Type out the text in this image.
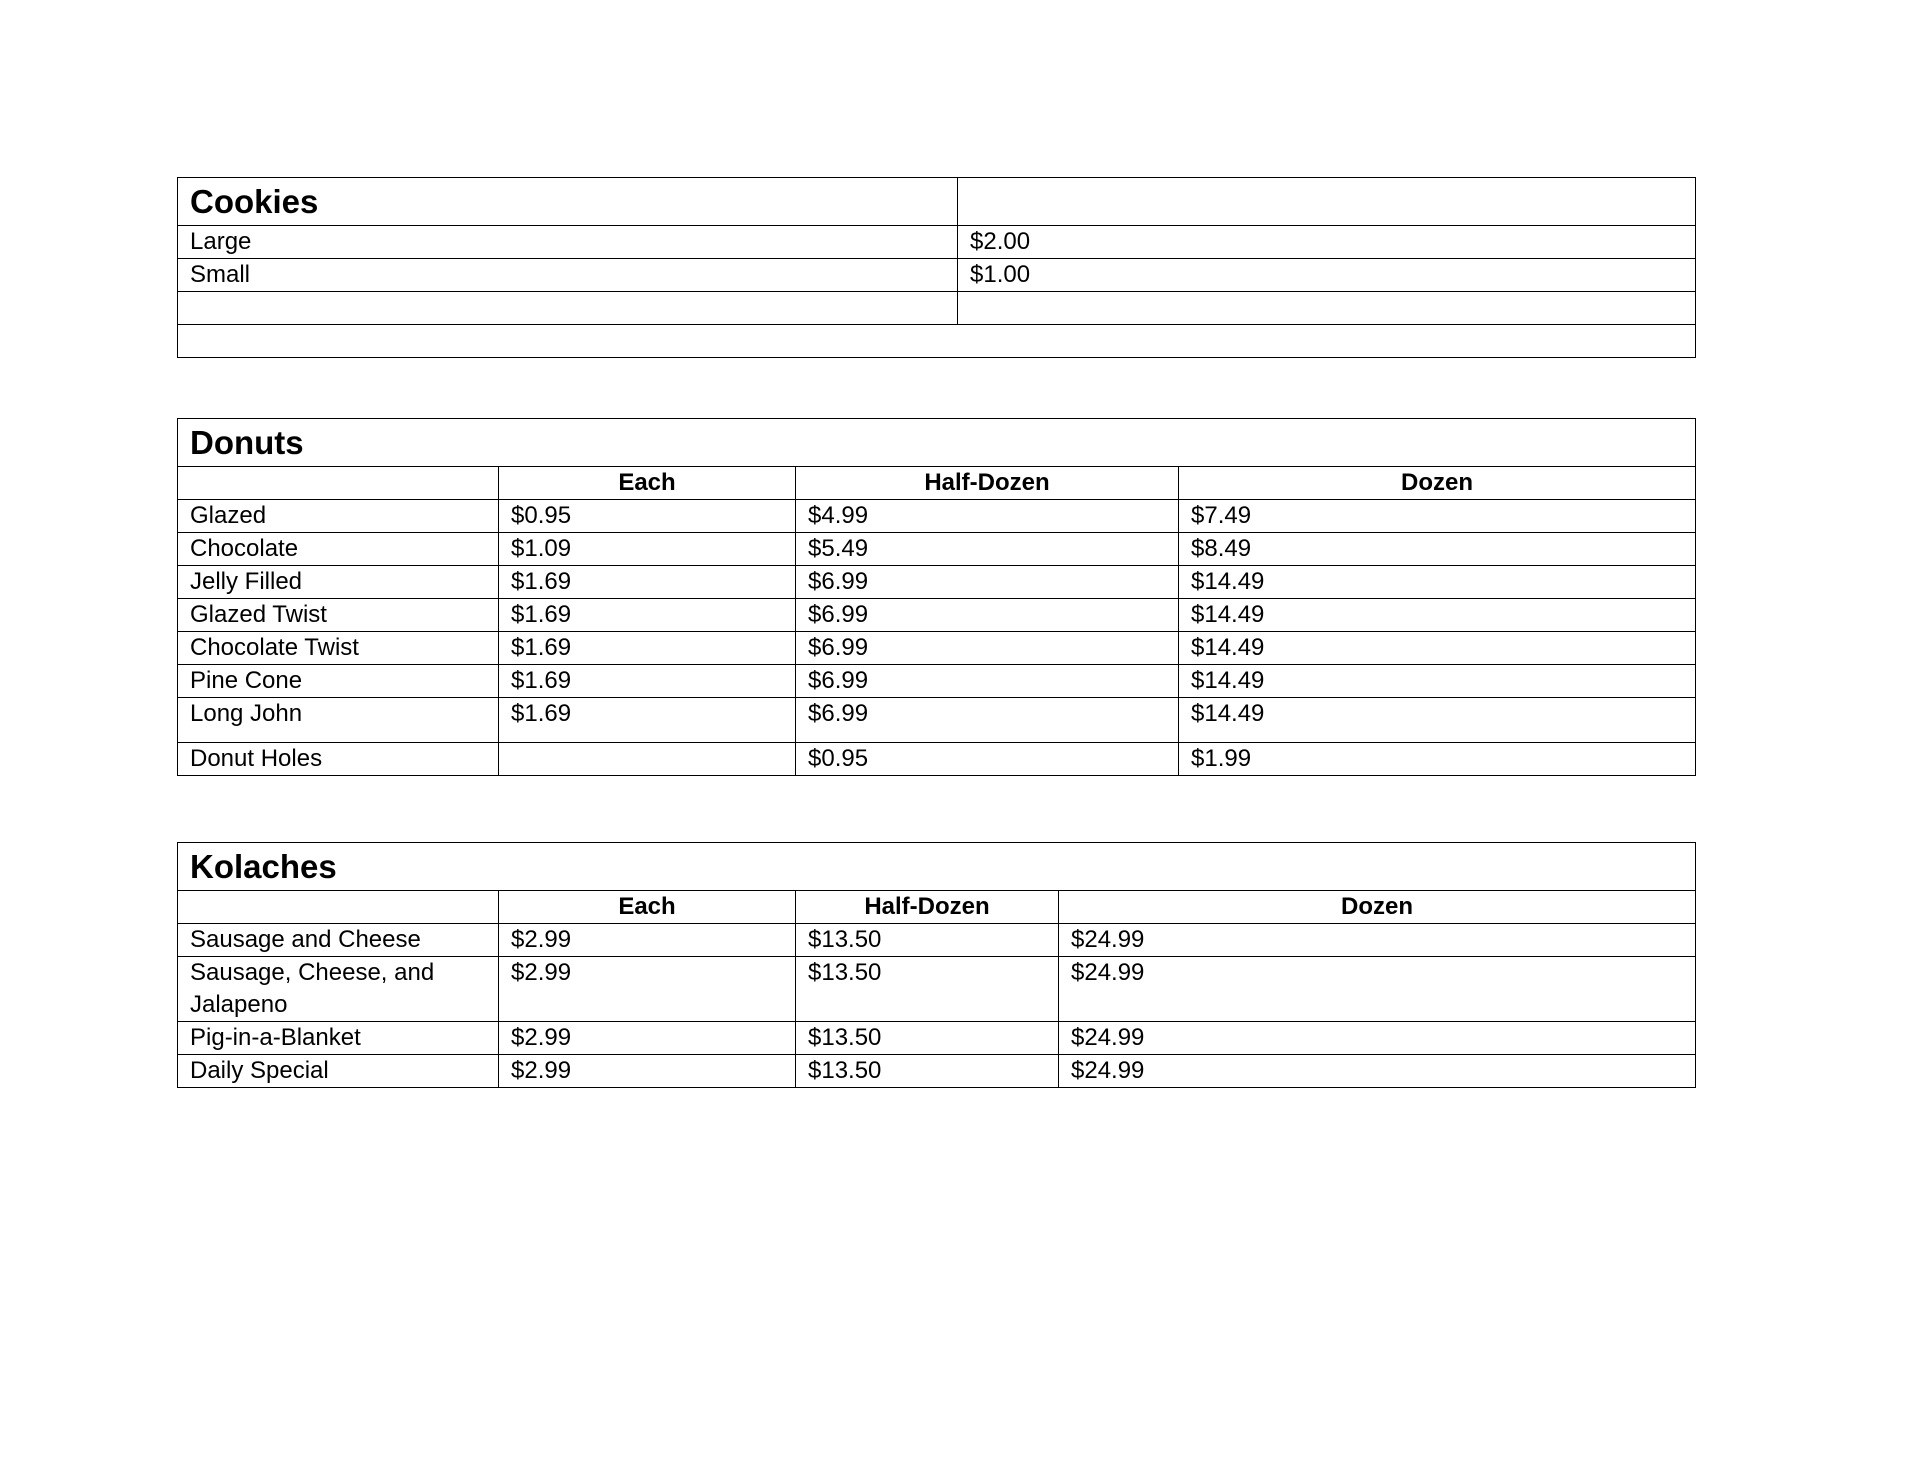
Cookies	
Large	$2.00
Small	$1.00

Donuts			
	Each	Half-Dozen	Dozen
Glazed	$0.95	$4.99	$7.49
Chocolate	$1.09	$5.49	$8.49
Jelly Filled	$1.69	$6.99	$14.49
Glazed Twist	$1.69	$6.99	$14.49
Chocolate Twist	$1.69	$6.99	$14.49
Pine Cone	$1.69	$6.99	$14.49
Long John	$1.69	$6.99	$14.49
Donut Holes		$0.95	$1.99
Kolaches			
	Each	Half-Dozen	Dozen
Sausage and Cheese	$2.99	$13.50	$24.99
Sausage, Cheese, and Jalapeno	$2.99	$13.50	$24.99
Pig-in-a-Blanket	$2.99	$13.50	$24.99
Daily Special	$2.99	$13.50	$24.99
